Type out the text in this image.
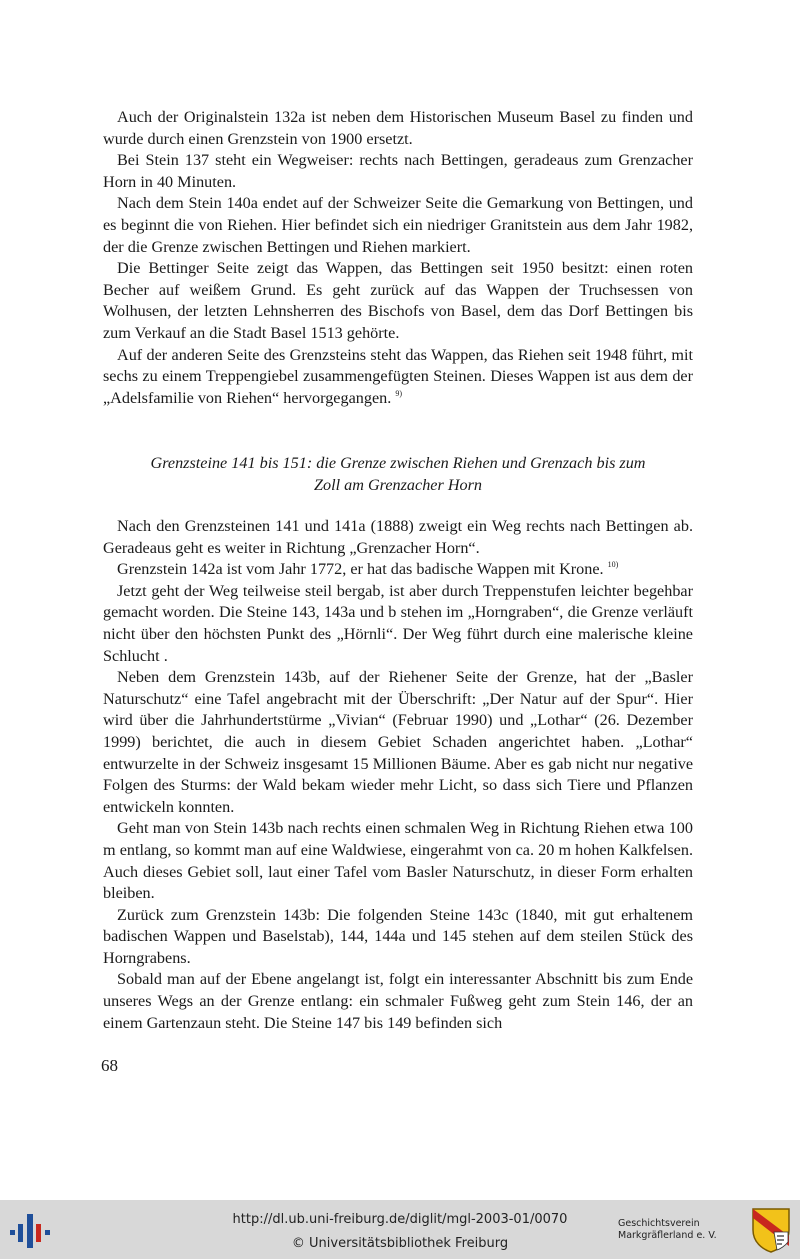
Auch der Originalstein 132a ist neben dem Historischen Museum Basel zu finden und wurde durch einen Grenzstein von 1900 ersetzt.

Bei Stein 137 steht ein Wegweiser: rechts nach Bettingen, geradeaus zum Grenzacher Horn in 40 Minuten.

Nach dem Stein 140a endet auf der Schweizer Seite die Gemarkung von Bettingen, und es beginnt die von Riehen. Hier befindet sich ein niedriger Granitstein aus dem Jahr 1982, der die Grenze zwischen Bettingen und Riehen markiert.

Die Bettinger Seite zeigt das Wappen, das Bettingen seit 1950 besitzt: einen roten Becher auf weißem Grund. Es geht zurück auf das Wappen der Truchsessen von Wolhusen, der letzten Lehnsherren des Bischofs von Basel, dem das Dorf Bettingen bis zum Verkauf an die Stadt Basel 1513 gehörte.

Auf der anderen Seite des Grenzsteins steht das Wappen, das Riehen seit 1948 führt, mit sechs zu einem Treppengiebel zusammengefügten Steinen. Dieses Wappen ist aus dem der „Adelsfamilie von Riehen“ hervorgegangen. $^{9)}$

Grenzsteine 141 bis 151: die Grenze zwischen Riehen und Grenzach bis zum
Zoll am Grenzacher Horn

Nach den Grenzsteinen 141 und 141a (1888) zweigt ein Weg rechts nach Bettingen ab. Geradeaus geht es weiter in Richtung „Grenzacher Horn“.

Grenzstein 142a ist vom Jahr 1772, er hat das badische Wappen mit Krone. $^{10)}$

Jetzt geht der Weg teilweise steil bergab, ist aber durch Treppenstufen leichter begehbar gemacht worden. Die Steine 143, 143a und b stehen im „Horngraben“, die Grenze verläuft nicht über den höchsten Punkt des „Hörnli“. Der Weg führt durch eine malerische kleine Schlucht .

Neben dem Grenzstein 143b, auf der Riehener Seite der Grenze, hat der „Basler Naturschutz“ eine Tafel angebracht mit der Überschrift: „Der Natur auf der Spur“. Hier wird über die Jahrhundertstürme „Vivian“ (Februar 1990) und „Lothar“ (26. Dezember 1999) berichtet, die auch in diesem Gebiet Schaden angerichtet haben. „Lothar“ entwurzelte in der Schweiz insgesamt 15 Millionen Bäume. Aber es gab nicht nur negative Folgen des Sturms: der Wald bekam wieder mehr Licht, so dass sich Tiere und Pflanzen entwickeln konnten.

Geht man von Stein 143b nach rechts einen schmalen Weg in Richtung Riehen etwa 100 m entlang, so kommt man auf eine Waldwiese, eingerahmt von ca. 20 m hohen Kalkfelsen. Auch dieses Gebiet soll, laut einer Tafel vom Basler Naturschutz, in dieser Form erhalten bleiben.

Zurück zum Grenzstein 143b: Die folgenden Steine 143c (1840, mit gut erhaltenem badischen Wappen und Baselstab), 144, 144a und 145 stehen auf dem steilen Stück des Horngrabens.

Sobald man auf der Ebene angelangt ist, folgt ein interessanter Abschnitt bis zum Ende unseres Wegs an der Grenze entlang: ein schmaler Fußweg geht zum Stein 146, der an einem Gartenzaun steht. Die Steine 147 bis 149 befinden sich

68
http://dl.ub.uni-freiburg.de/diglit/mgl-2003-01/0070
© Universitätsbibliothek Freiburg
Geschichtsverein
Markgräflerland e. V.
